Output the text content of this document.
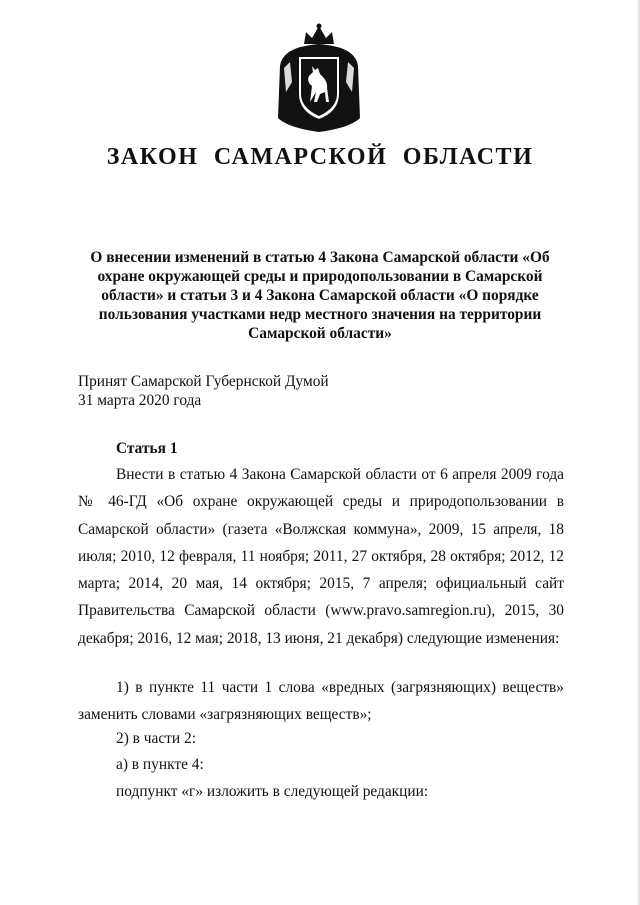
ЗАКОН САМАРСКОЙ ОБЛАСТИ
О внесении изменений в статью 4 Закона Самарской области «Об охране окружающей среды и природопользовании в Самарской области» и статьи 3 и 4 Закона Самарской области «О порядке пользования участками недр местного значения на территории Самарской области»
Принят Самарской Губернской Думой
31 марта 2020 года
Статья 1
Внести в статью 4 Закона Самарской области от 6 апреля 2009 года № 46-ГД «Об охране окружающей среды и природопользовании в Самарской области» (газета «Волжская коммуна», 2009, 15 апреля, 18 июля; 2010, 12 февраля, 11 ноября; 2011, 27 октября, 28 октября; 2012, 12 марта; 2014, 20 мая, 14 октября; 2015, 7 апреля; официальный сайт Правительства Самарской области (www.pravo.samregion.ru), 2015, 30 декабря; 2016, 12 мая; 2018, 13 июня, 21 декабря) следующие изменения:
1) в пункте 11 части 1 слова «вредных (загрязняющих) веществ» заменить словами «загрязняющих веществ»;
2) в части 2:
а) в пункте 4:
подпункт «г» изложить в следующей редакции:
